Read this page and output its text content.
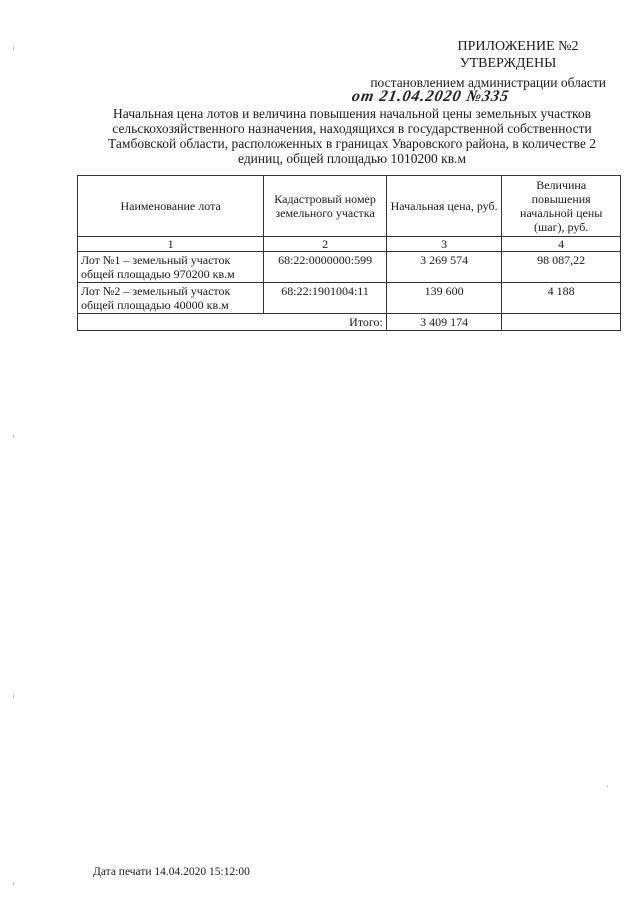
ПРИЛОЖЕНИЕ №2
УТВЕРЖДЕНЫ
постановлением администрации области
от 21.04.2020 №335
Начальная цена лотов и величина повышения начальной цены земельных участков сельскохозяйственного назначения, находящихся в государственной собственности Тамбовской области, расположенных в границах Уваровского района, в количестве 2 единиц, общей площадью 1010200 кв.м
Наименование лота	Кадастровый номер земельного участка	Начальная цена, руб.	Величина повышения начальной цены (шаг), руб.
1	2	3	4
Лот №1 – земельный участок общей площадью 970200 кв.м	68:22:0000000:599	3 269 574	98 087,22
Лот №2 – земельный участок общей площадью 40000 кв.м	68:22:1901004:11	139 600	4 188
Итого:		3 409 174	
Дата печати 14.04.2020 15:12:00
